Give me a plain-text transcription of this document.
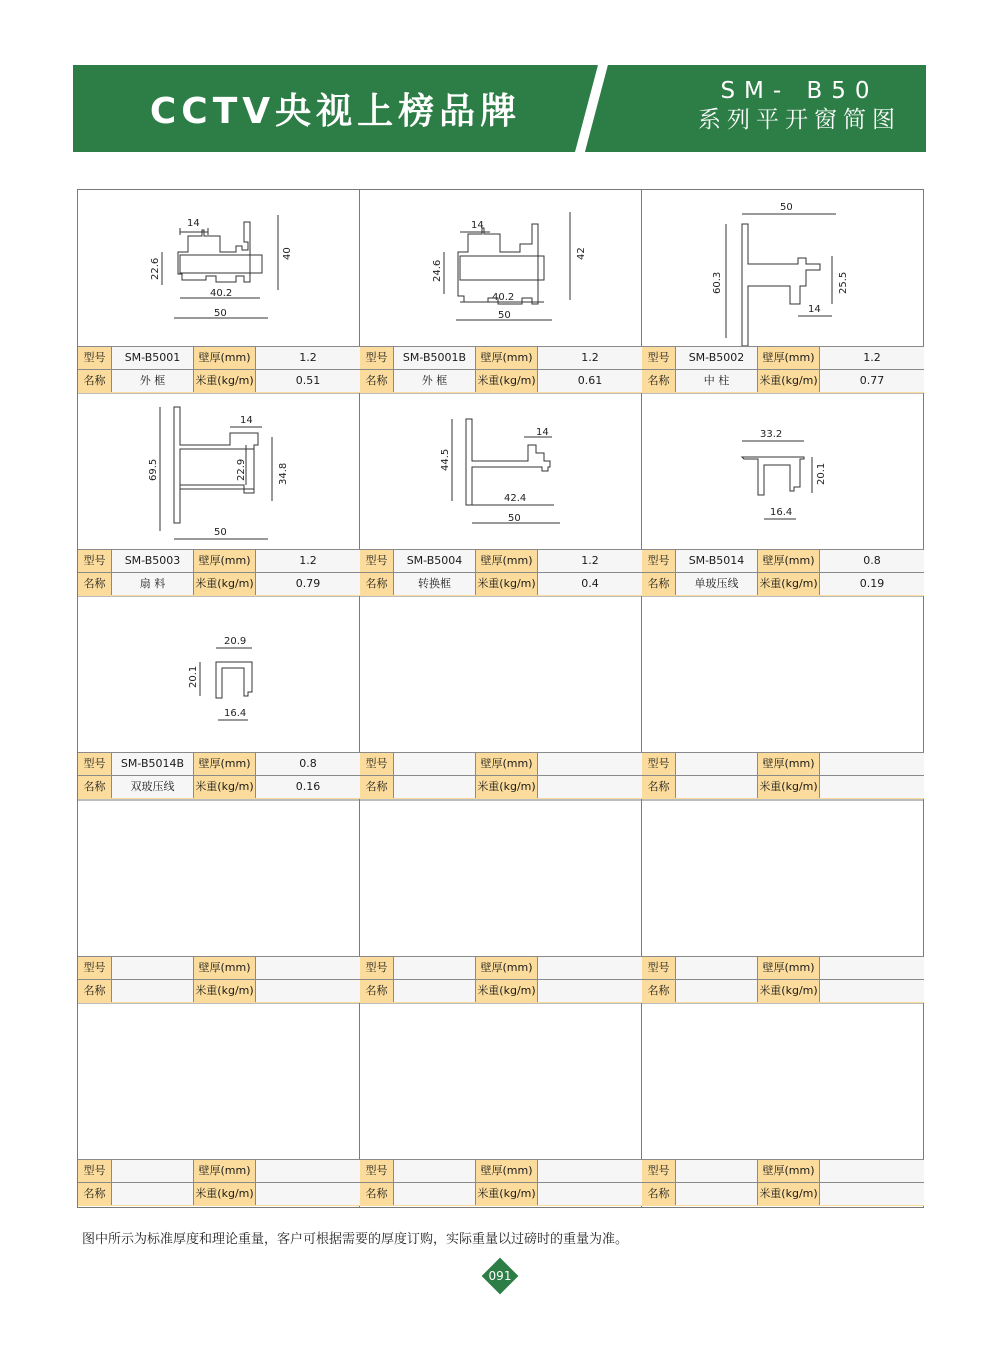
CCTV央视上榜品牌	SM- B50
系列平开窗简图
14
22.6
40
40.2
50
型号	SM-B5001	壁厚(mm)	1.2
名称	外 框	米重(kg/m)	0.51
14
24.6
42
40.2
50
型号	SM-B5001B	壁厚(mm)	1.2
名称	外 框	米重(kg/m)	0.61
50
60.3	25.5
14
型号	SM-B5002	壁厚(mm)	1.2
名称	中 柱	米重(kg/m)	0.77
14
69.5	22.9	34.8
50
型号	SM-B5003	壁厚(mm)	1.2
名称	扇 料	米重(kg/m)	0.79
14
44.5
42.4
50
型号	SM-B5004	壁厚(mm)	1.2
名称	转换框	米重(kg/m)	0.4
33.2
20.1
16.4
型号	SM-B5014	壁厚(mm)	0.8
名称	单玻压线	米重(kg/m)	0.19
20.9
20.1
16.4
型号	SM-B5014B	壁厚(mm)	0.8
名称	双玻压线	米重(kg/m)	0.16
型号	壁厚(mm)
名称	米重(kg/m)
型号	壁厚(mm)
名称	米重(kg/m)
型号	壁厚(mm)
名称	米重(kg/m)
型号	壁厚(mm)
名称	米重(kg/m)
型号	壁厚(mm)
名称	米重(kg/m)
型号	壁厚(mm)
名称	米重(kg/m)
型号	壁厚(mm)
名称	米重(kg/m)
型号	壁厚(mm)
名称	米重(kg/m)
图中所示为标准厚度和理论重量，客户可根据需要的厚度订购，实际重量以过磅时的重量为准。
091
